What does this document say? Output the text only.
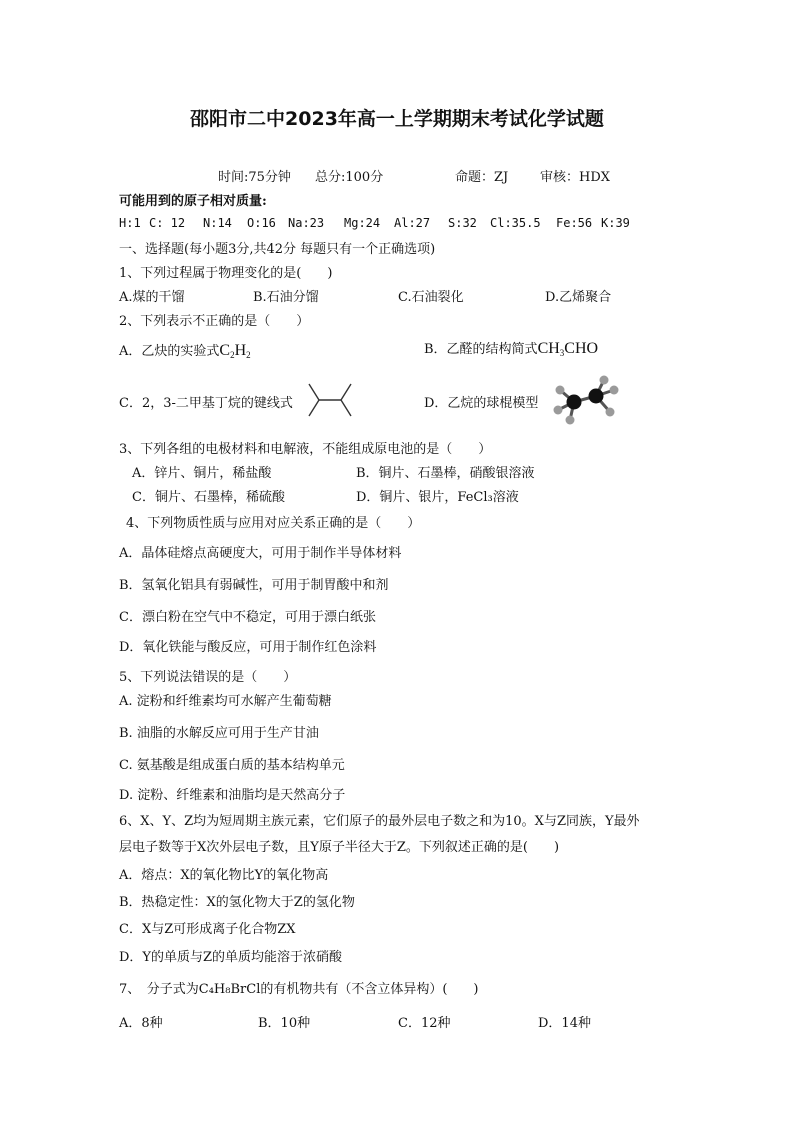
邵阳市二中2023年高一上学期期末考试化学试题
时间:75分钟 总分:100分	命题：ZJ 审核：HDX
可能用到的原子相对质量:
H:1 C: 12 N:14 O:16 Na:23 Mg:24 Al:27 S:32 Cl:35.5 Fe:56 K:39
一、选择题(每小题3分,共42分 每题只有一个正确选项)
1、下列过程属于物理变化的是(　　)
A.煤的干馏	B.石油分馏	C.石油裂化	D.乙烯聚合
2、下列表示不正确的是（　　）
A．乙炔的实验式$C_2H_2$	B．乙醛的结构简式$CH_3CHO$
C．2，3-二甲基丁烷的键线式	D．乙烷的球棍模型
3、下列各组的电极材料和电解液，不能组成原电池的是（　　）
A．锌片、铜片，稀盐酸	B．铜片、石墨棒，硝酸银溶液
C．铜片、石墨棒，稀硫酸	D．铜片、银片，FeCl₃溶液
4、下列物质性质与应用对应关系正确的是（　　）
A．晶体硅熔点高硬度大，可用于制作半导体材料
B．氢氧化铝具有弱碱性，可用于制胃酸中和剂
C．漂白粉在空气中不稳定，可用于漂白纸张
D．氧化铁能与酸反应，可用于制作红色涂料
5、下列说法错误的是（　　）
A. 淀粉和纤维素均可水解产生葡萄糖
B. 油脂的水解反应可用于生产甘油
C. 氨基酸是组成蛋白质的基本结构单元
D. 淀粉、纤维素和油脂均是天然高分子
6、X、Y、Z均为短周期主族元素，它们原子的最外层电子数之和为10。X与Z同族，Y最外
层电子数等于X次外层电子数，且Y原子半径大于Z。下列叙述正确的是(　　)
A．熔点：X的氧化物比Y的氧化物高
B．热稳定性：X的氢化物大于Z的氢化物
C．X与Z可形成离子化合物ZX
D．Y的单质与Z的单质均能溶于浓硝酸
7、　分子式为C₄H₈BrCl的有机物共有（不含立体异构）(　　)
A．8种	B．10种	C．12种	D．14种
